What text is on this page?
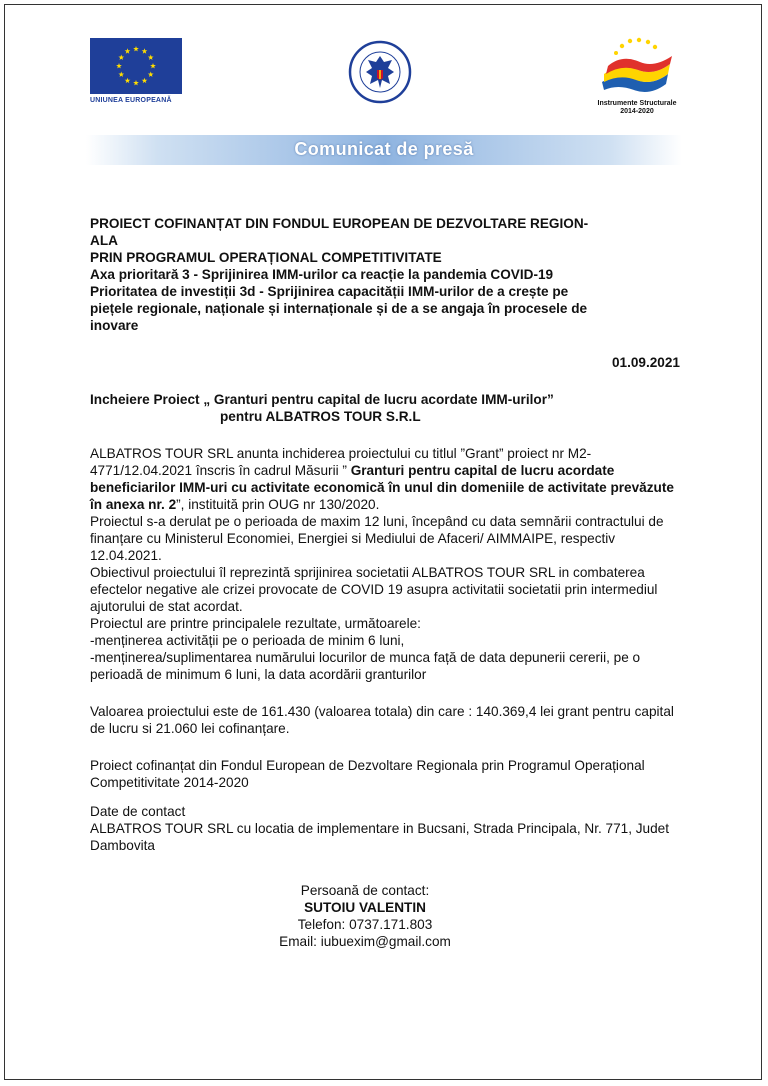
UNIUNEA EUROPEANĂ	Instrumente Structurale
2014-2020
Comunicat de presă

PROIECT COFINANȚAT DIN FONDUL EUROPEAN DE DEZVOLTARE REGION-

ALA

PRIN PROGRAMUL OPERAȚIONAL COMPETITIVITATE

Axa prioritară 3 - Sprijinirea IMM-urilor ca reacție la pandemia COVID-19

Prioritatea de investiții 3d - Sprijinirea capacității IMM-urilor de a crește pe

piețele regionale, naționale și internaționale și de a se angaja în procesele de

inovare

01.09.2021
Incheiere Proiect „ Granturi pentru capital de lucru acordate IMM-urilor”
pentru ALBATROS TOUR S.R.L

ALBATROS TOUR SRL anunta inchiderea proiectului cu titlul ”Grant” proiect nr M2-4771/12.04.2021 înscris în cadrul Măsurii ” Granturi pentru capital de lucru acordate beneficiarilor IMM-uri cu activitate economică în unul din domeniile de activitate prevăzute în anexa nr. 2”, instituită prin OUG nr 130/2020.

Proiectul s-a derulat pe o perioada de maxim 12 luni, începând cu data semnării contractului de finanțare cu Ministerul Economiei, Energiei si Mediului de Afaceri/ AIMMAIPE, respectiv 12.04.2021.

Obiectivul proiectului îl reprezintă sprijinirea societatii ALBATROS TOUR SRL in combaterea efectelor negative ale crizei provocate de COVID 19 asupra activitatii societatii prin intermediul ajutorului de stat acordat.

Proiectul are printre principalele rezultate, următoarele:

-menținerea activității pe o perioada de minim 6 luni,

-menținerea/suplimentarea numărului locurilor de munca față de data depunerii cererii, pe o perioadă de minimum 6 luni, la data acordării granturilor

Valoarea proiectului este de 161.430 (valoarea totala) din care : 140.369,4 lei grant pentru capital de lucru si 21.060 lei cofinanțare.

Proiect cofinanțat din Fondul European de Dezvoltare Regionala prin Programul Operațional Competitivitate 2014-2020

Date de contact

ALBATROS TOUR SRL cu locatia de implementare in Bucsani, Strada Principala, Nr. 771, Judet Dambovita

Persoană de contact:

SUTOIU VALENTIN

Telefon: 0737.171.803

Email: iubuexim@gmail.com
